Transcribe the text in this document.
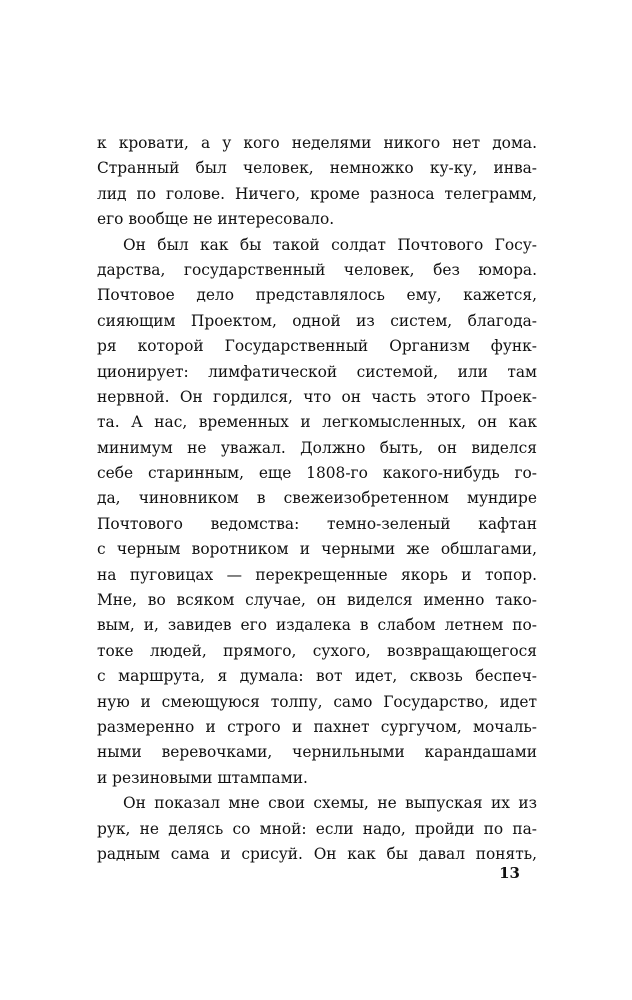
к кровати, а у кого неделями никого нет дома.
Странный был человек, немножко ку-ку, инва-
лид по голове. Ничего, кроме разноса телеграмм,
его вообще не интересовало.
Он был как бы такой солдат Почтового Госу-
дарства, государственный человек, без юмора.
Почтовое дело представлялось ему, кажется,
сияющим Проектом, одной из систем, благода-
ря которой Государственный Организм функ-
ционирует: лимфатической системой, или там
нервной. Он гордился, что он часть этого Проек-
та. А нас, временных и легкомысленных, он как
минимум не уважал. Должно быть, он виделся
себе старинным, еще 1808-го какого-нибудь го-
да, чиновником в свежеизобретенном мундире
Почтового ведомства: темно-зеленый кафтан
с черным воротником и черными же обшлагами,
на пуговицах — перекрещенные якорь и топор.
Мне, во всяком случае, он виделся именно тако-
вым, и, завидев его издалека в слабом летнем по-
токе людей, прямого, сухого, возвращающегося
с маршрута, я думала: вот идет, сквозь беспеч-
ную и смеющуюся толпу, само Государство, идет
размеренно и строго и пахнет сургучом, мочаль-
ными веревочками, чернильными карандашами
и резиновыми штампами.
Он показал мне свои схемы, не выпуская их из
рук, не делясь со мной: если надо, пройди по па-
радным сама и срисуй. Он как бы давал понять,
13
